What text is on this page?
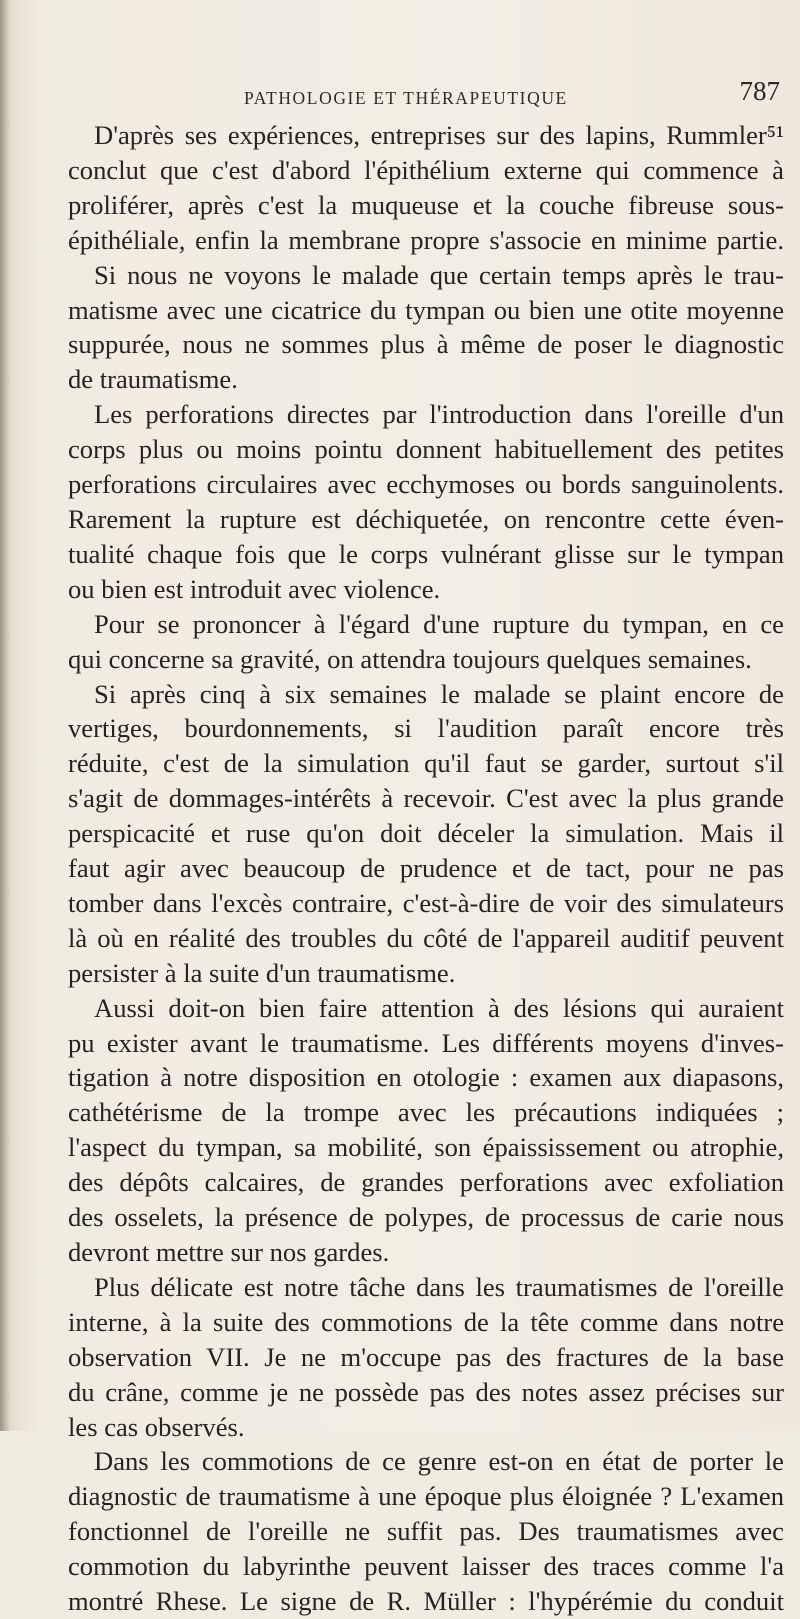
PATHOLOGIE ET THÉRAPEUTIQUE	787
D'après ses expériences, entreprises sur des lapins, Rummler⁵¹
conclut que c'est d'abord l'épithélium externe qui commence à
proliférer, après c'est la muqueuse et la couche fibreuse sous-
épithéliale, enfin la membrane propre s'associe en minime partie.
Si nous ne voyons le malade que certain temps après le trau-
matisme avec une cicatrice du tympan ou bien une otite moyenne
suppurée, nous ne sommes plus à même de poser le diagnostic
de traumatisme.
Les perforations directes par l'introduction dans l'oreille d'un
corps plus ou moins pointu donnent habituellement des petites
perforations circulaires avec ecchymoses ou bords sanguinolents.
Rarement la rupture est déchiquetée, on rencontre cette éven-
tualité chaque fois que le corps vulnérant glisse sur le tympan
ou bien est introduit avec violence.
Pour se prononcer à l'égard d'une rupture du tympan, en ce
qui concerne sa gravité, on attendra toujours quelques semaines.
Si après cinq à six semaines le malade se plaint encore de
vertiges, bourdonnements, si l'audition paraît encore très
réduite, c'est de la simulation qu'il faut se garder, surtout s'il
s'agit de dommages-intérêts à recevoir. C'est avec la plus grande
perspicacité et ruse qu'on doit déceler la simulation. Mais il
faut agir avec beaucoup de prudence et de tact, pour ne pas
tomber dans l'excès contraire, c'est-à-dire de voir des simulateurs
là où en réalité des troubles du côté de l'appareil auditif peuvent
persister à la suite d'un traumatisme.
Aussi doit-on bien faire attention à des lésions qui auraient
pu exister avant le traumatisme. Les différents moyens d'inves-
tigation à notre disposition en otologie : examen aux diapasons,
cathétérisme de la trompe avec les précautions indiquées ;
l'aspect du tympan, sa mobilité, son épaississement ou atrophie,
des dépôts calcaires, de grandes perforations avec exfoliation
des osselets, la présence de polypes, de processus de carie nous
devront mettre sur nos gardes.
Plus délicate est notre tâche dans les traumatismes de l'oreille
interne, à la suite des commotions de la tête comme dans notre
observation VII. Je ne m'occupe pas des fractures de la base
du crâne, comme je ne possède pas des notes assez précises sur
les cas observés.
Dans les commotions de ce genre est-on en état de porter le
diagnostic de traumatisme à une époque plus éloignée ? L'examen
fonctionnel de l'oreille ne suffit pas. Des traumatismes avec
commotion du labyrinthe peuvent laisser des traces comme l'a
montré Rhese. Le signe de R. Müller : l'hypérémie du conduit
